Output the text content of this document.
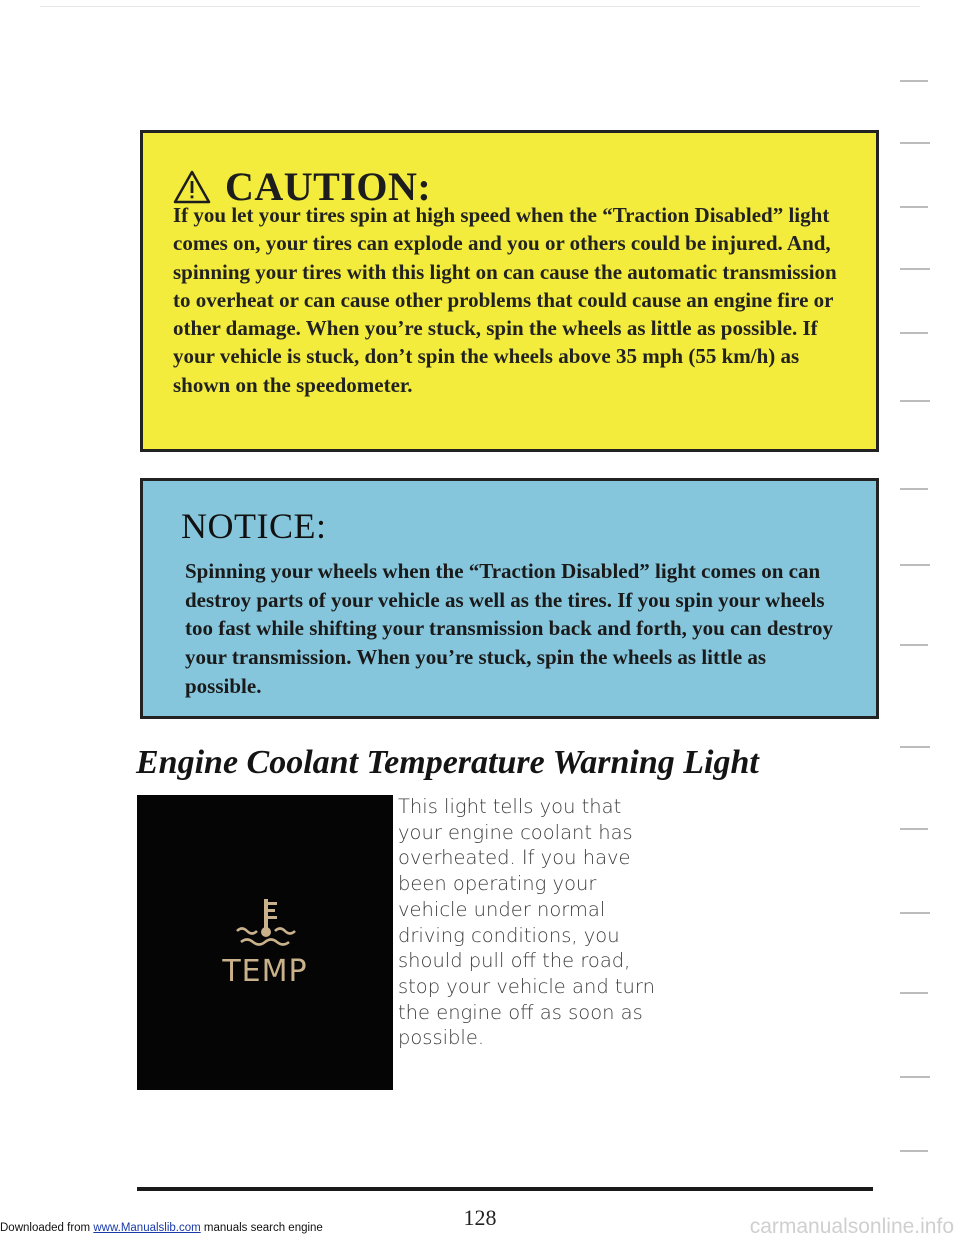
CAUTION:
If you let your tires spin at high speed when the “Traction Disabled” light comes on, your tires can explode and you or others could be injured. And, spinning your tires with this light on can cause the automatic transmission to overheat or can cause other problems that could cause an engine fire or other damage. When you’re stuck, spin the wheels as little as possible. If your vehicle is stuck, don’t spin the wheels above 35 mph (55 km/h) as shown on the speedometer.
NOTICE:
Spinning your wheels when the “Traction Disabled” light comes on can destroy parts of your vehicle as well as the tires. If you spin your wheels too fast while shifting your transmission back and forth, you can destroy your transmission. When you’re stuck, spin the wheels as little as possible.
Engine Coolant Temperature Warning Light
TEMP
This light tells you that your engine coolant has overheated. If you have been operating your vehicle under normal driving conditions, you should pull off the road, stop your vehicle and turn the engine off as soon as possible.
128
Downloaded from www.Manualslib.com manuals search engine	carmanualsonline.info
